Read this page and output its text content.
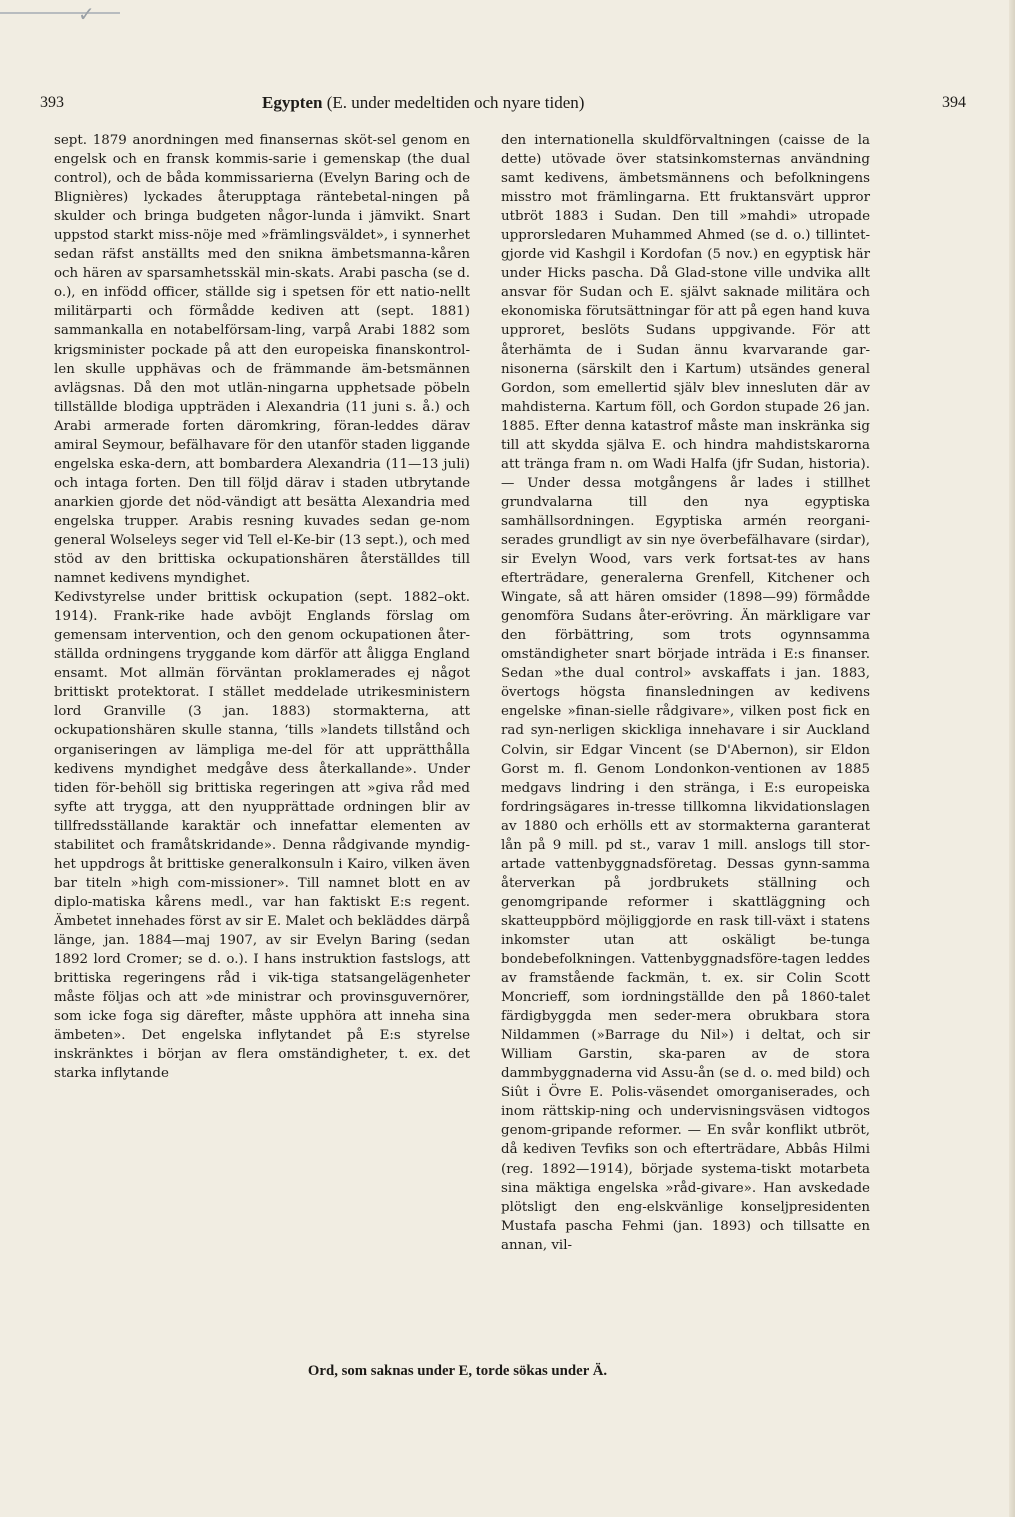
✓
393	Egypten (E. under medeltiden och nyare tiden)	394

sept. 1879 anordningen med finansernas sköt-sel genom en engelsk och en fransk kommis-sarie i gemenskap (the dual control), och de båda kommissarierna (Evelyn Baring och de Blignières) lyckades återupptaga räntebetal-ningen på skulder och bringa budgeten någor-lunda i jämvikt. Snart uppstod starkt miss-nöje med »främlingsväldet», i synnerhet sedan räfst anställts med den snikna ämbetsmanna-kåren och hären av sparsamhetsskäl min-skats. Arabi pascha (se d. o.), en infödd officer, ställde sig i spetsen för ett natio-nellt militärparti och förmådde kediven att (sept. 1881) sammankalla en notabelförsam-ling, varpå Arabi 1882 som krigsminister pockade på att den europeiska finanskontrol-len skulle upphävas och de främmande äm-betsmännen avlägsnas. Då den mot utlän-ningarna upphetsade pöbeln tillställde blodiga uppträden i Alexandria (11 juni s. å.) och Arabi armerade forten däromkring, föran-leddes därav amiral Seymour, befälhavare för den utanför staden liggande engelska eska-dern, att bombardera Alexandria (11—13 juli) och intaga forten. Den till följd därav i staden utbrytande anarkien gjorde det nöd-vändigt att besätta Alexandria med engelska trupper. Arabis resning kuvades sedan ge-nom general Wolseleys seger vid Tell el-Ke-bir (13 sept.), och med stöd av den brittiska ockupationshären återställdes till namnet kedivens myndighet.

Kedivstyrelse under brittisk ockupation (sept. 1882–okt. 1914). Frank-rike hade avböjt Englands förslag om gemensam intervention, och den genom ockupationen åter-ställda ordningens tryggande kom därför att åligga England ensamt. Mot allmän förväntan proklamerades ej något brittiskt protektorat. I stället meddelade utrikesministern lord Granville (3 jan. 1883) stormakterna, att ockupationshären skulle stanna, ‘tills »landets tillstånd och organiseringen av lämpliga me-del för att upprätthålla kedivens myndighet medgåve dess återkallande». Under tiden för-behöll sig brittiska regeringen att »giva råd med syfte att trygga, att den nyupprättade ordningen blir av tillfredsställande karaktär och innefattar elementen av stabilitet och framåtskridande». Denna rådgivande myndig-het uppdrogs åt brittiske generalkonsuln i Kairo, vilken även bar titeln »high com-missioner». Till namnet blott en av diplo-matiska kårens medl., var han faktiskt E:s regent. Ämbetet innehades först av sir E. Malet och bekläddes därpå länge, jan. 1884—maj 1907, av sir Evelyn Baring (sedan 1892 lord Cromer; se d. o.). I hans instruktion fastslogs, att brittiska regeringens råd i vik-tiga statsangelägenheter måste följas och att »de ministrar och provinsguvernörer, som icke foga sig därefter, måste upphöra att inneha sina ämbeten». Det engelska inflytandet på E:s styrelse inskränktes i början av flera omständigheter, t. ex. det starka inflytande

den internationella skuldförvaltningen (caisse de la dette) utövade över statsinkomsternas användning samt kedivens, ämbetsmännens och befolkningens misstro mot främlingarna. Ett fruktansvärt uppror utbröt 1883 i Sudan. Den till »mahdi» utropade upprorsledaren Muhammed Ahmed (se d. o.) tillintet-gjorde vid Kashgil i Kordofan (5 nov.) en egyptisk här under Hicks pascha. Då Glad-stone ville undvika allt ansvar för Sudan och E. självt saknade militära och ekonomiska förutsättningar för att på egen hand kuva upproret, beslöts Sudans uppgivande. För att återhämta de i Sudan ännu kvarvarande gar-nisonerna (särskilt den i Kartum) utsändes general Gordon, som emellertid själv blev innesluten där av mahdisterna. Kartum föll, och Gordon stupade 26 jan. 1885. Efter denna katastrof måste man inskränka sig till att skydda själva E. och hindra mahdistskarorna att tränga fram n. om Wadi Halfa (jfr Sudan, historia). — Under dessa motgångens år lades i stillhet grundvalarna till den nya egyptiska samhällsordningen. Egyptiska armén reorgani-serades grundligt av sin nye överbefälhavare (sirdar), sir Evelyn Wood, vars verk fortsat-tes av hans efterträdare, generalerna Grenfell, Kitchener och Wingate, så att hären omsider (1898—99) förmådde genomföra Sudans åter-erövring. Än märkligare var den förbättring, som trots ogynnsamma omständigheter snart började inträda i E:s finanser. Sedan »the dual control» avskaffats i jan. 1883, övertogs högsta finansledningen av kedivens engelske »finan-sielle rådgivare», vilken post fick en rad syn-nerligen skickliga innehavare i sir Auckland Colvin, sir Edgar Vincent (se D'Abernon), sir Eldon Gorst m. fl. Genom Londonkon-ventionen av 1885 medgavs lindring i den stränga, i E:s europeiska fordringsägares in-tresse tillkomna likvidationslagen av 1880 och erhölls ett av stormakterna garanterat lån på 9 mill. pd st., varav 1 mill. anslogs till stor-artade vattenbyggnadsföretag. Dessas gynn-samma återverkan på jordbrukets ställning och genomgripande reformer i skattläggning och skatteuppbörd möjliggjorde en rask till-växt i statens inkomster utan att oskäligt be-tunga bondebefolkningen. Vattenbyggnadsföre-tagen leddes av framstående fackmän, t. ex. sir Colin Scott Moncrieff, som iordningställde den på 1860-talet färdigbyggda men seder-mera obrukbara stora Nildammen (»Barrage du Nil») i deltat, och sir William Garstin, ska-paren av de stora dammbyggnaderna vid Assu-ån (se d. o. med bild) och Siût i Övre E. Polis-väsendet omorganiserades, och inom rättskip-ning och undervisningsväsen vidtogos genom-gripande reformer. — En svår konflikt utbröt, då kediven Tevfiks son och efterträdare, Abbâs Hilmi (reg. 1892—1914), började systema-tiskt motarbeta sina mäktiga engelska »råd-givare». Han avskedade plötsligt den eng-elskvänlige konseljpresidenten Mustafa pascha Fehmi (jan. 1893) och tillsatte en annan, vil-

Ord, som saknas under E, torde sökas under Ä.
